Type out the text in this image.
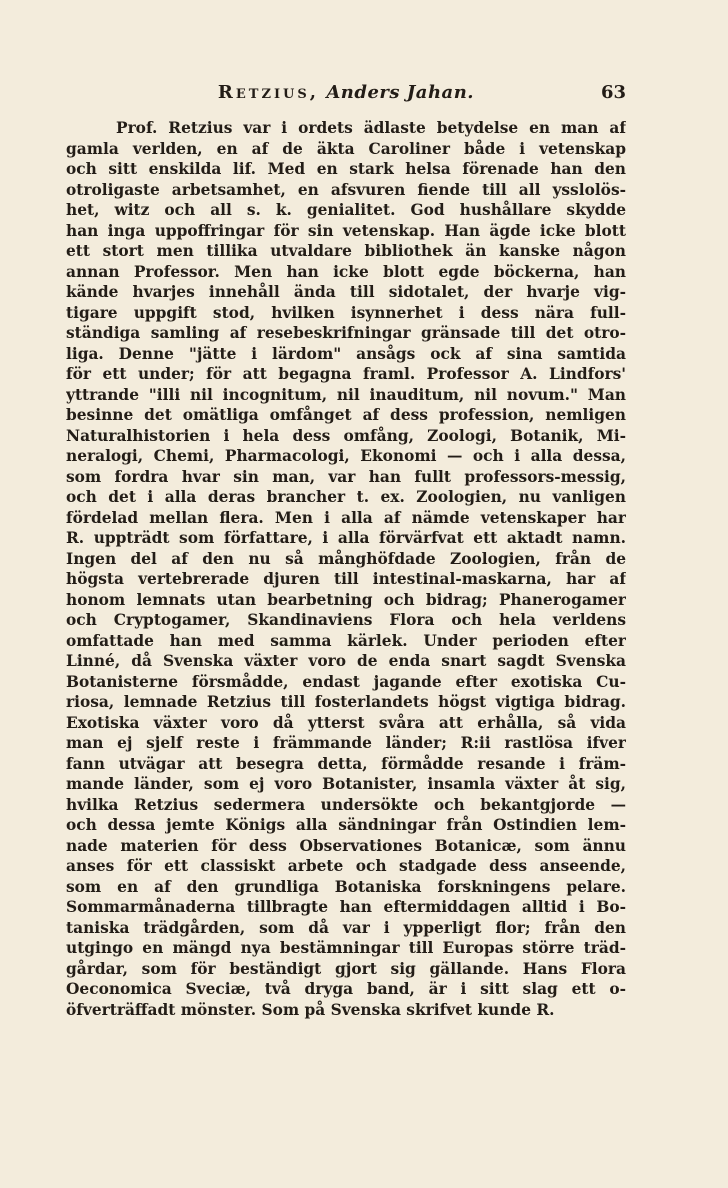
Retzius, Anders Jahan.	63
Prof. Retzius var i ordets ädlaste betydelse en man af
gamla verlden, en af de äkta Caroliner både i vetenskap
och sitt enskilda lif. Med en stark helsa förenade han den
otroligaste arbetsamhet, en afsvuren fiende till all ysslolös-
het, witz och all s. k. genialitet. God hushållare skydde
han inga uppoffringar för sin vetenskap. Han ägde icke blott
ett stort men tillika utvaldare bibliothek än kanske någon
annan Professor. Men han icke blott egde böckerna, han
kände hvarjes innehåll ända till sidotalet, der hvarje vig-
tigare uppgift stod, hvilken isynnerhet i dess nära full-
ständiga samling af resebeskrifningar gränsade till det otro-
liga. Denne "jätte i lärdom" ansågs ock af sina samtida
för ett under; för att begagna framl. Professor A. Lindfors'
yttrande "illi nil incognitum, nil inauditum, nil novum." Man
besinne det omätliga omfånget af dess profession, nemligen
Naturalhistorien i hela dess omfång, Zoologi, Botanik, Mi-
neralogi, Chemi, Pharmacologi, Ekonomi — och i alla dessa,
som fordra hvar sin man, var han fullt professors-messig,
och det i alla deras brancher t. ex. Zoologien, nu vanligen
fördelad mellan flera. Men i alla af nämde vetenskaper har
R. uppträdt som författare, i alla förvärfvat ett aktadt namn.
Ingen del af den nu så månghöfdade Zoologien, från de
högsta vertebrerade djuren till intestinal-maskarna, har af
honom lemnats utan bearbetning och bidrag; Phanerogamer
och Cryptogamer, Skandinaviens Flora och hela verldens
omfattade han med samma kärlek. Under perioden efter
Linné, då Svenska växter voro de enda snart sagdt Svenska
Botanisterne försmådde, endast jagande efter exotiska Cu-
riosa, lemnade Retzius till fosterlandets högst vigtiga bidrag.
Exotiska växter voro då ytterst svåra att erhålla, så vida
man ej sjelf reste i främmande länder; R:ii rastlösa ifver
fann utvägar att besegra detta, förmådde resande i främ-
mande länder, som ej voro Botanister, insamla växter åt sig,
hvilka Retzius sedermera undersökte och bekantgjorde —
och dessa jemte Königs alla sändningar från Ostindien lem-
nade materien för dess Observationes Botanicæ, som ännu
anses för ett classiskt arbete och stadgade dess anseende,
som en af den grundliga Botaniska forskningens pelare.
Sommarmånaderna tillbragte han eftermiddagen alltid i Bo-
taniska trädgården, som då var i ypperligt flor; från den
utgingo en mängd nya bestämningar till Europas större träd-
gårdar, som för beständigt gjort sig gällande. Hans Flora
Oeconomica Sveciæ, två dryga band, är i sitt slag ett o-
öfverträffadt mönster. Som på Svenska skrifvet kunde R.
